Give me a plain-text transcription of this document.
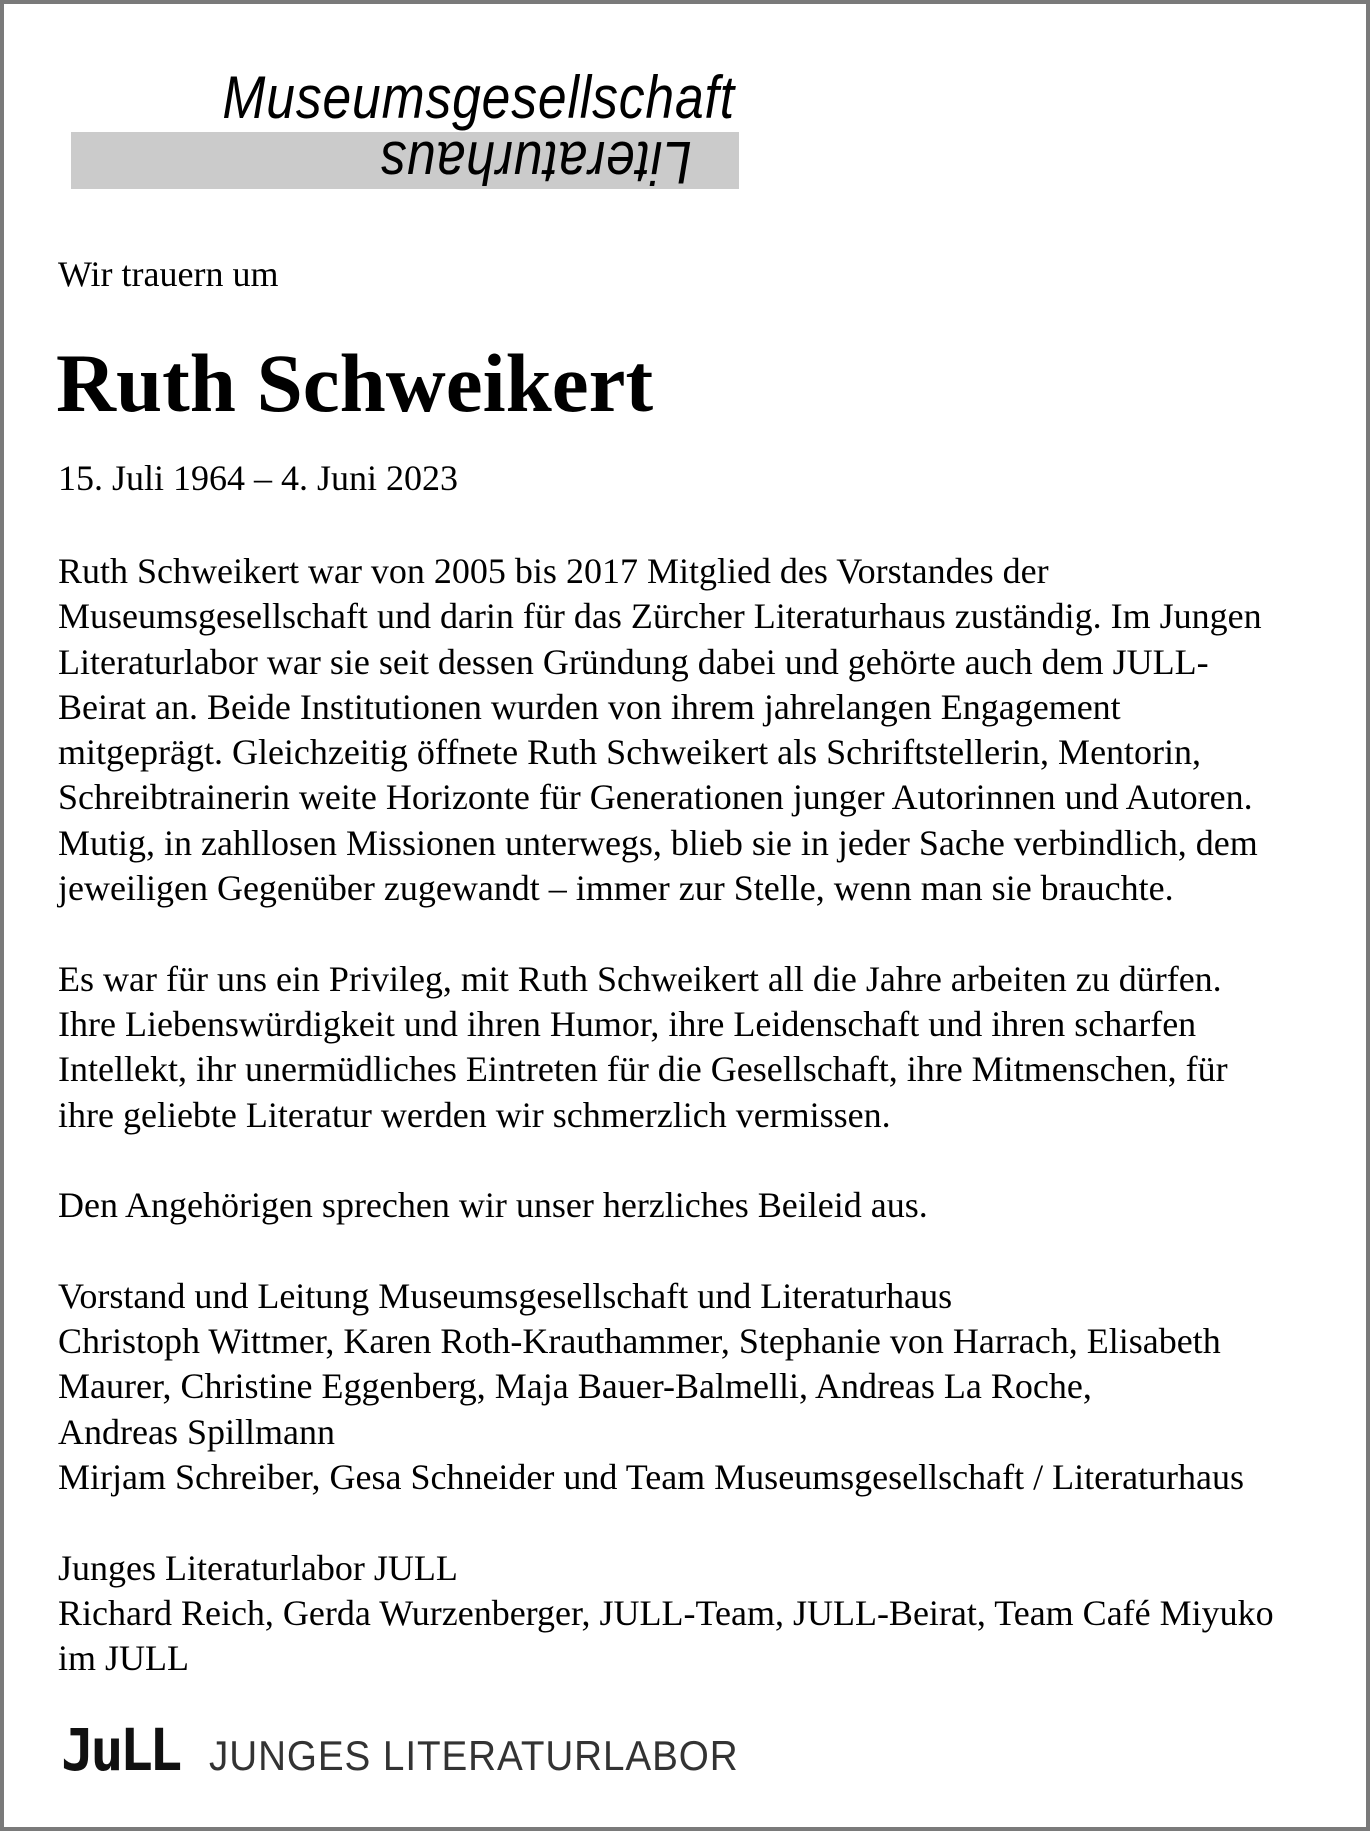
Museumsgesellschaft
Literaturhaus
Wir trauern um
Ruth Schweikert
15. Juli 1964 – 4. Juni 2023
Ruth Schweikert war von 2005 bis 2017 Mitglied des Vorstandes der
Museumsgesellschaft und darin für das Zürcher Literaturhaus zuständig. Im Jungen
Literaturlabor war sie seit dessen Gründung dabei und gehörte auch dem JULL-
Beirat an. Beide Institutionen wurden von ihrem jahrelangen Engagement
mitgeprägt. Gleichzeitig öffnete Ruth Schweikert als Schriftstellerin, Mentorin,
Schreibtrainerin weite Horizonte für Generationen junger Autorinnen und Autoren.
Mutig, in zahllosen Missionen unterwegs, blieb sie in jeder Sache verbindlich, dem
jeweiligen Gegenüber zugewandt – immer zur Stelle, wenn man sie brauchte.
Es war für uns ein Privileg, mit Ruth Schweikert all die Jahre arbeiten zu dürfen.
Ihre Liebenswürdigkeit und ihren Humor, ihre Leidenschaft und ihren scharfen
Intellekt, ihr unermüdliches Eintreten für die Gesellschaft, ihre Mitmenschen, für
ihre geliebte Literatur werden wir schmerzlich vermissen.
Den Angehörigen sprechen wir unser herzliches Beileid aus.
Vorstand und Leitung Museumsgesellschaft und Literaturhaus
Christoph Wittmer, Karen Roth-Krauthammer, Stephanie von Harrach, Elisabeth
Maurer, Christine Eggenberg, Maja Bauer-Balmelli, Andreas La Roche,
Andreas Spillmann
Mirjam Schreiber, Gesa Schneider und Team Museumsgesellschaft / Literaturhaus
Junges Literaturlabor JULL
Richard Reich, Gerda Wurzenberger, JULL-Team, JULL-Beirat, Team Café Miyuko
im JULL
JuLL JUNGES LITERATURLABOR
